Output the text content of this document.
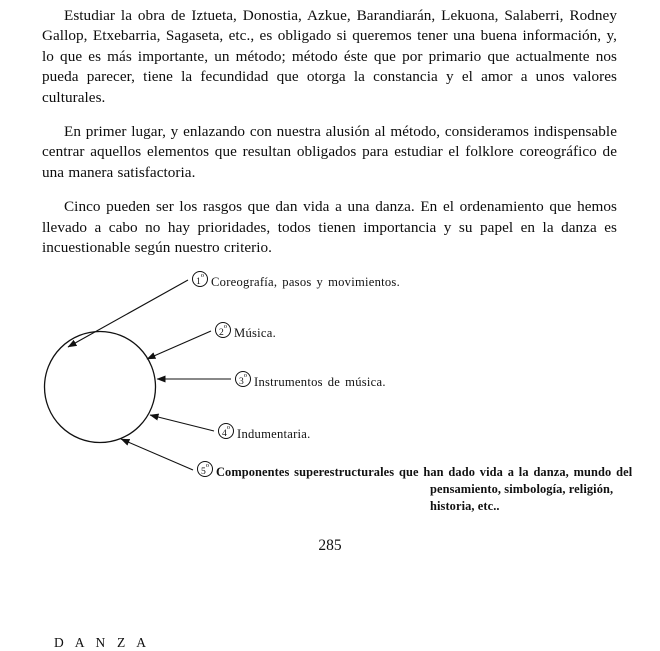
Estudiar la obra de Iztueta, Donostia, Azkue, Barandiarán, Lekuona, Salaberri, Rodney Gallop, Etxebarria, Sagaseta, etc., es obligado si queremos tener una buena información, y, lo que es más importante, un método; método éste que por primario que actualmente nos pueda parecer, tiene la fecundidad que otorga la constancia y el amor a unos valores culturales.

En primer lugar, y enlazando con nuestra alusión al método, consideramos indispensable centrar aquellos elementos que resultan obligados para estudiar el folklore coreográfico de una manera satisfactoria.

Cinco pueden ser los rasgos que dan vida a una danza. En el ordenamiento que hemos llevado a cabo no hay prioridades, todos tienen importancia y su papel en la danza es incuestionable según nuestro criterio.

D A N Z A
1$^o$ Coreografía, pasos y movimientos.
2$^o$ Música.
3$^o$ Instrumentos de música.
4$^o$ Indumentaria.
5$^o$ Componentes superestructurales que han dado vida a la danza, mundo del
pensamiento, simbología, religión,
historia, etc..
285
